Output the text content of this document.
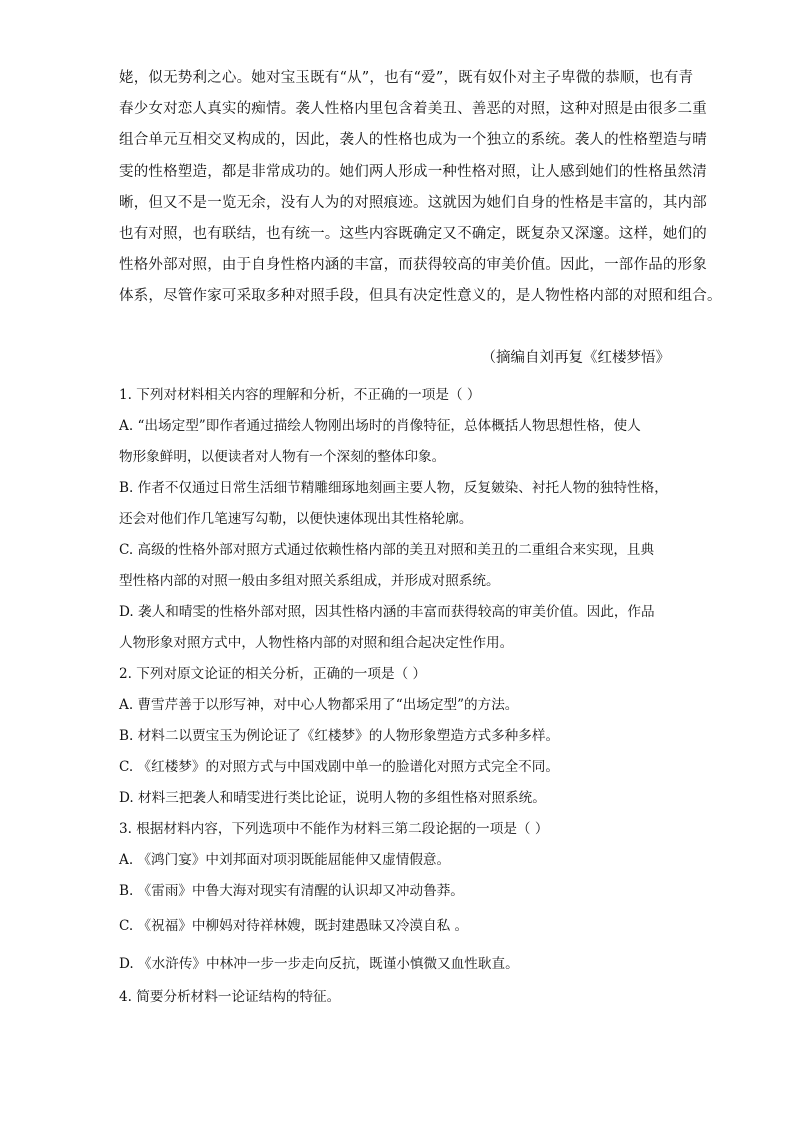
姥，似无势利之心。她对宝玉既有“从”，也有“爱”，既有奴仆对主子卑微的恭顺，也有青
春少女对恋人真实的痴情。袭人性格内里包含着美丑、善恶的对照，这种对照是由很多二重
组合单元互相交叉构成的，因此，袭人的性格也成为一个独立的系统。袭人的性格塑造与晴
雯的性格塑造，都是非常成功的。她们两人形成一种性格对照，让人感到她们的性格虽然清
晰，但又不是一览无余，没有人为的对照痕迹。这就因为她们自身的性格是丰富的，其内部
也有对照，也有联结，也有统一。这些内容既确定又不确定，既复杂又深邃。这样，她们的
性格外部对照，由于自身性格内涵的丰富，而获得较高的审美价值。因此，一部作品的形象
体系，尽管作家可采取多种对照手段，但具有决定性意义的，是人物性格内部的对照和组合。
（摘编自刘再复《红楼梦悟》
1. 下列对材料相关内容的理解和分析，不正确的一项是（ ）
A. “出场定型”即作者通过描绘人物刚出场时的肖像特征，总体概括人物思想性格，使人
物形象鲜明，以便读者对人物有一个深刻的整体印象。
B. 作者不仅通过日常生活细节精雕细琢地刻画主要人物，反复皴染、衬托人物的独特性格，
还会对他们作几笔速写勾勒，以便快速体现出其性格轮廓。
C. 高级的性格外部对照方式通过依赖性格内部的美丑对照和美丑的二重组合来实现，且典
型性格内部的对照一般由多组对照关系组成，并形成对照系统。
D. 袭人和晴雯的性格外部对照，因其性格内涵的丰富而获得较高的审美价值。因此，作品
人物形象对照方式中，人物性格内部的对照和组合起决定性作用。
2. 下列对原文论证的相关分析，正确的一项是（ ）
A. 曹雪芹善于以形写神，对中心人物都采用了“出场定型”的方法。
B. 材料二以贾宝玉为例论证了《红楼梦》的人物形象塑造方式多种多样。
C. 《红楼梦》的对照方式与中国戏剧中单一的脸谱化对照方式完全不同。
D. 材料三把袭人和晴雯进行类比论证，说明人物的多组性格对照系统。
3. 根据材料内容，下列选项中不能作为材料三第二段论据的一项是（ ）
A. 《鸿门宴》中刘邦面对项羽既能屈能伸又虚情假意。
B. 《雷雨》中鲁大海对现实有清醒的认识却又冲动鲁莽。
C. 《祝福》中柳妈对待祥林嫂，既封建愚昧又冷漠自私 。
D. 《水浒传》中林冲一步一步走向反抗，既谨小慎微又血性耿直。
4. 简要分析材料一论证结构的特征。
